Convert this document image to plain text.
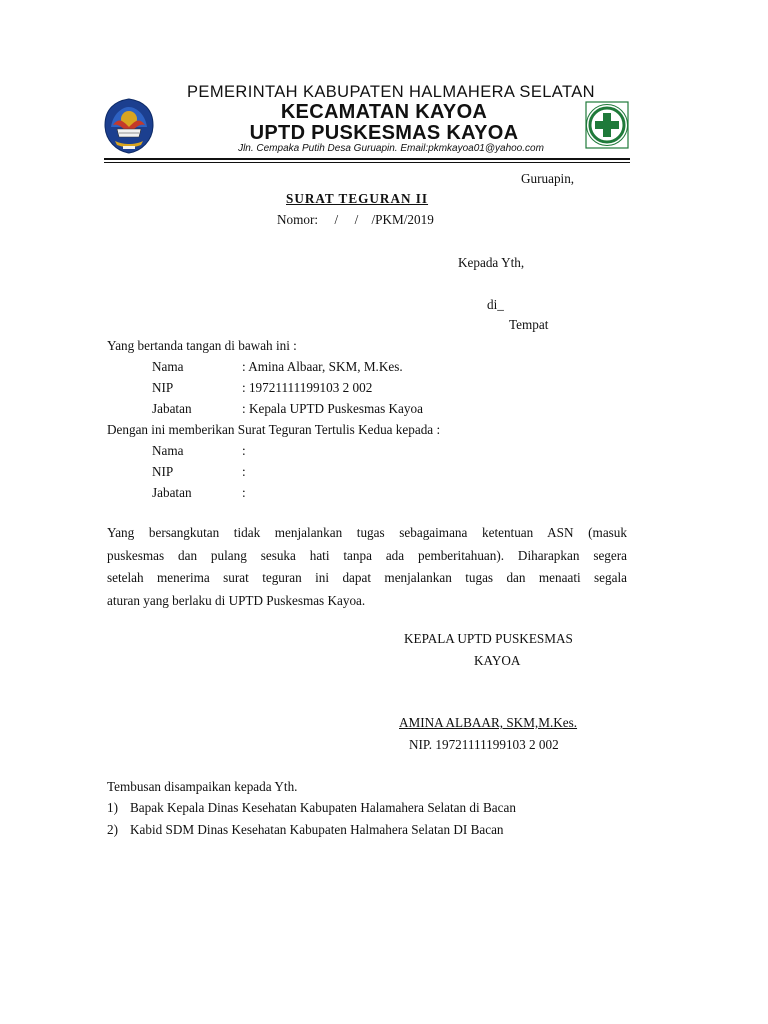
PEMERINTAH KABUPATEN HALMAHERA SELATAN
KECAMATAN KAYOA
UPTD PUSKESMAS KAYOA
Jln. Cempaka Putih Desa Guruapin. Email:pkmkayoa01@yahoo.com
Guruapin,
SURAT TEGURAN II
Nomor:     /     /    /PKM/2019
Kepada Yth,
di_
Tempat
Yang bertanda tangan di bawah ini :
Nama	: Amina Albaar, SKM, M.Kes.
NIP	: 19721111199103 2 002
Jabatan	: Kepala UPTD Puskesmas Kayoa
Dengan ini memberikan Surat Teguran Tertulis Kedua kepada :
Nama	:
NIP	:
Jabatan	:
Yang bersangkutan tidak menjalankan tugas sebagaimana ketentuan ASN (masuk
puskesmas dan pulang sesuka hati tanpa ada pemberitahuan). Diharapkan segera
setelah menerima surat teguran ini dapat menjalankan tugas dan menaati segala
aturan yang berlaku di UPTD Puskesmas Kayoa.
KEPALA UPTD PUSKESMAS
KAYOA
AMINA ALBAAR, SKM,M.Kes.
NIP. 19721111199103 2 002
Tembusan disampaikan kepada Yth.
1) Bapak Kepala Dinas Kesehatan Kabupaten Halamahera Selatan di Bacan
2) Kabid SDM Dinas Kesehatan Kabupaten Halmahera Selatan DI Bacan
